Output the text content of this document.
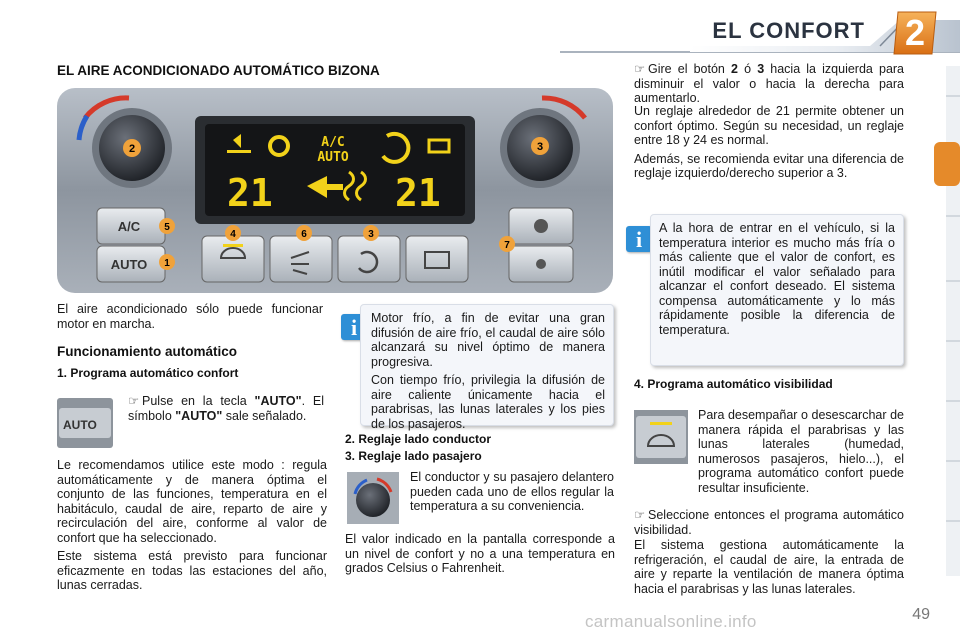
EL CONFORT	2
EL AIRE ACONDICIONADO AUTOMÁTICO BIZONA
2	3
A/C
AUTO
21	21
A/C
AUTO
5
1
4	6	3
7
El aire acondicionado sólo puede funcionar motor en marcha.
Funcionamiento automático
1. Programa automático confort
AUTO
☞ Pulse en la tecla "AUTO". El símbolo "AUTO" sale señalado.

Le recomendamos utilice este modo : regula automáticamente y de manera óptima el conjunto de las funciones, temperatura en el habitáculo, caudal de aire, reparto de aire y recirculación del aire, conforme al valor de confort que ha seleccionado.

Este sistema está previsto para funcionar eficazmente en todas las estaciones del año, lunas cerradas.

i	Motor frío, a fin de evitar una gran difusión de aire frío, el caudal de aire sólo alcanzará su nivel óptimo de manera progresiva.

Con tiempo frío, privilegia la difusión de aire caliente únicamente hacia el parabrisas, las lunas laterales y los pies de los pasajeros.

2. Reglaje lado conductor
3. Reglaje lado pasajero
El conductor y su pasajero delantero pueden cada uno de ellos regular la temperatura a su conveniencia.
El valor indicado en la pantalla corresponde a un nivel de confort y no a una temperatura en grados Celsius o Fahrenheit.
☞ Gire el botón 2 ó 3 hacia la izquierda para disminuir el valor o hacia la derecha para aumentarlo.

Un reglaje alrededor de 21 permite obtener un confort óptimo. Según su necesidad, un reglaje entre 18 y 24 es normal.

Además, se recomienda evitar una diferencia de reglaje izquierdo/derecho superior a 3.

i	A la hora de entrar en el vehículo, si la temperatura interior es mucho más fría o más caliente que el valor de confort, es inútil modificar el valor señalado para alcanzar el confort deseado. El sistema compensa automáticamente y lo más rápidamente posible la diferencia de temperatura.
4. Programa automático visibilidad
Para desempañar o desescarchar de manera rápida el parabrisas y las lunas laterales (humedad, numerosos pasajeros, hielo...), el programa automático confort puede resultar insuficiente.
☞ Seleccione entonces el programa automático visibilidad.
El sistema gestiona automáticamente la refrigeración, el caudal de aire, la entrada de aire y reparte la ventilación de manera óptima hacia el parabrisas y las lunas laterales.
carmanualsonline.info	49
